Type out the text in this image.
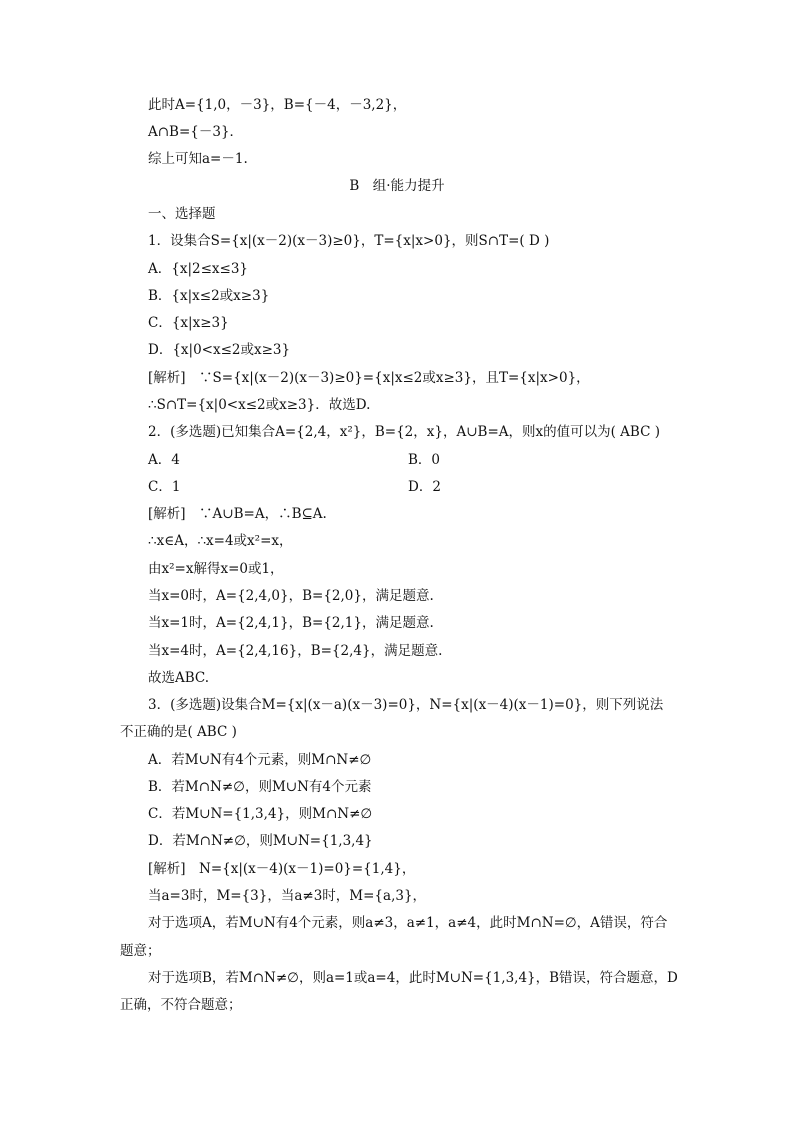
此时A={1,0，－3}，B={－4，－3,2}，
A∩B={－3}．
综上可知a=－1.
B　组·能力提升
一、选择题
1．设集合S={x|(x－2)(x－3)≥0}，T={x|x>0}，则S∩T=( D )
A．{x|2≤x≤3}
B．{x|x≤2或x≥3}
C．{x|x≥3}
D．{x|0<x≤2或x≥3}
[解析]　∵S={x|(x－2)(x－3)≥0}={x|x≤2或x≥3}，且T={x|x>0}，
∴S∩T={x|0<x≤2或x≥3}．故选D.
2．(多选题)已知集合A={2,4，x²}，B={2，x}，A∪B=A，则x的值可以为( ABC )
A．4	B．0
C．1	D．2
[解析]　∵A∪B=A，∴B⊆A.
∴x∈A，∴x=4或x²=x，
由x²=x解得x=0或1，
当x=0时，A={2,4,0}，B={2,0}，满足题意.
当x=1时，A={2,4,1}，B={2,1}，满足题意.
当x=4时，A={2,4,16}，B={2,4}，满足题意.
故选ABC.
3．(多选题)设集合M={x|(x－a)(x－3)=0}，N={x|(x－4)(x－1)=0}，则下列说法
不正确的是( ABC )
A．若M∪N有4个元素，则M∩N≠∅
B．若M∩N≠∅，则M∪N有4个元素
C．若M∪N={1,3,4}，则M∩N≠∅
D．若M∩N≠∅，则M∪N={1,3,4}
[解析]　N={x|(x－4)(x－1)=0}={1,4}，
当a=3时，M={3}，当a≠3时，M={a,3}，
对于选项A，若M∪N有4个元素，则a≠3，a≠1，a≠4，此时M∩N=∅，A错误，符合
题意；
对于选项B，若M∩N≠∅，则a=1或a=4，此时M∪N={1,3,4}，B错误，符合题意，D
正确，不符合题意；
